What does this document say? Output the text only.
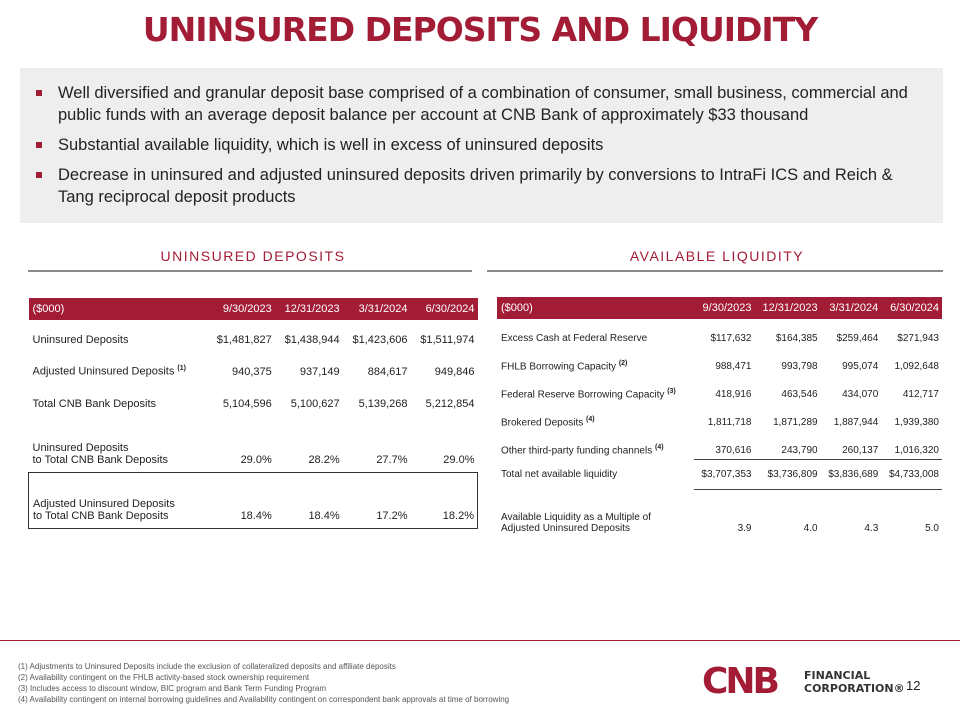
UNINSURED DEPOSITS AND LIQUIDITY
Well diversified and granular deposit base comprised of a combination of consumer, small business, commercial and public funds with an average deposit balance per account at CNB Bank of approximately $33 thousand
Substantial available liquidity, which is well in excess of uninsured deposits
Decrease in uninsured and adjusted uninsured deposits driven primarily by conversions to IntraFi ICS and Reich & Tang reciprocal deposit products
UNINSURED DEPOSITS
($000)	9/30/2023	12/31/2023	3/31/2024	6/30/2024
Uninsured Deposits	$1,481,827	$1,438,944	$1,423,606	$1,511,974
Adjusted Uninsured Deposits $^{(1)}$	940,375	937,149	884,617	949,846
Total CNB Bank Deposits	5,104,596	5,100,627	5,139,268	5,212,854
Uninsured Deposits
to Total CNB Bank Deposits	29.0%	28.2%	27.7%	29.0%
Adjusted Uninsured Deposits
to Total CNB Bank Deposits	18.4%	18.4%	17.2%	18.2%
AVAILABLE LIQUIDITY
($000)	9/30/2023	12/31/2023	3/31/2024	6/30/2024
Excess Cash at Federal Reserve	$117,632	$164,385	$259,464	$271,943
FHLB Borrowing Capacity $^{(2)}$	988,471	993,798	995,074	1,092,648
Federal Reserve Borrowing Capacity $^{(3)}$	418,916	463,546	434,070	412,717
Brokered Deposits $^{(4)}$	1,811,718	1,871,289	1,887,944	1,939,380
Other third-party funding channels $^{(4)}$	370,616	243,790	260,137	1,016,320
Total net available liquidity	$3,707,353	$3,736,809	$3,836,689	$4,733,008
Available Liquidity as a Multiple of
Adjusted Uninsured Deposits	3.9	4.0	4.3	5.0
(1) Adjustments to Uninsured Deposits include the exclusion of collateralized deposits and affiliate deposits
(2) Availability contingent on the FHLB activity-based stock ownership requirement
(3) Includes access to discount window, BIC program and Bank Term Funding Program
(4) Availability contingent on internal borrowing guidelines and Availability contingent on correspondent bank approvals at time of borrowing	CNB FINANCIAL
CORPORATION® 12
